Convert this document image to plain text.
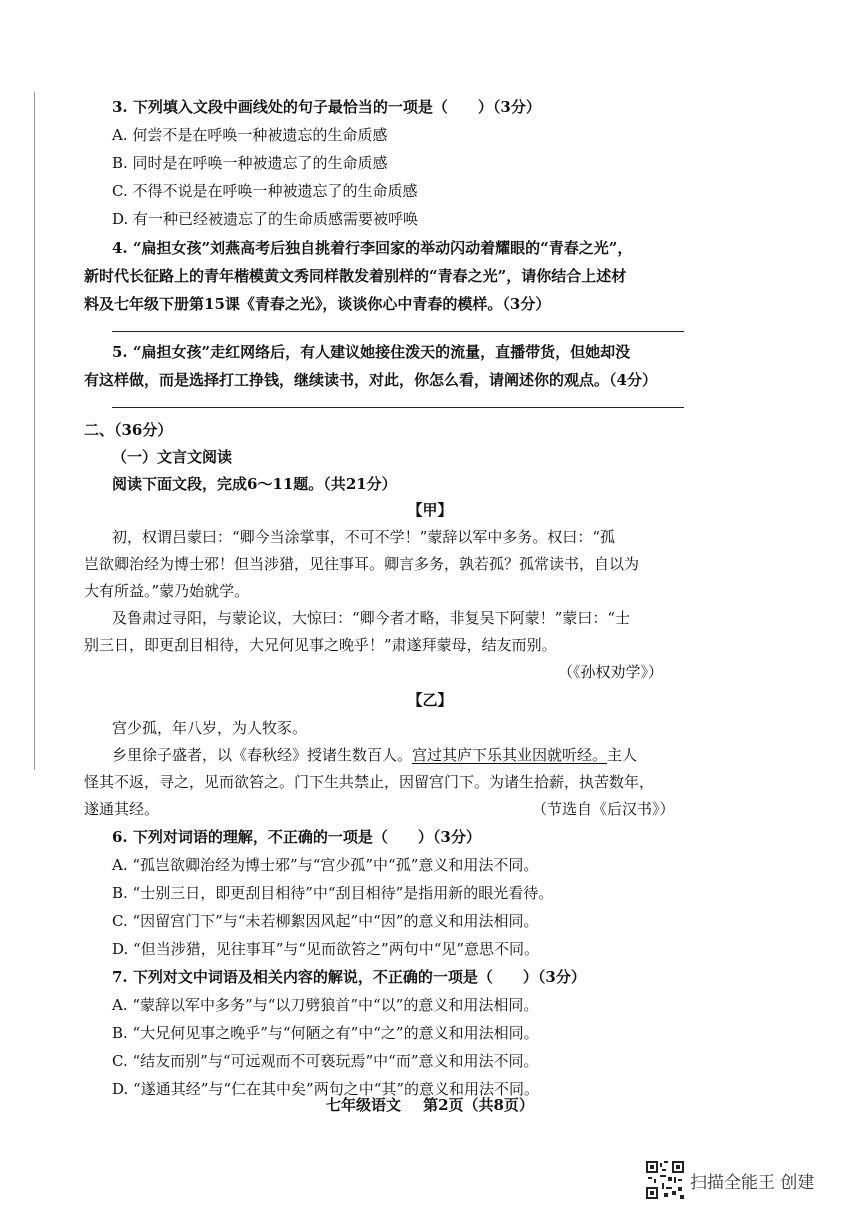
3. 下列填入文段中画线处的句子最恰当的一项是（　　）（3分）
A. 何尝不是在呼唤一种被遗忘的生命质感
B. 同时是在呼唤一种被遗忘了的生命质感
C. 不得不说是在呼唤一种被遗忘了的生命质感
D. 有一种已经被遗忘了的生命质感需要被呼唤
4. “扁担女孩”刘燕高考后独自挑着行李回家的举动闪动着耀眼的“青春之光”，
新时代长征路上的青年楷模黄文秀同样散发着别样的“青春之光”，请你结合上述材
料及七年级下册第15课《青春之光》，谈谈你心中青春的模样。（3分）
5. “扁担女孩”走红网络后，有人建议她接住泼天的流量，直播带货，但她却没
有这样做，而是选择打工挣钱，继续读书，对此，你怎么看，请阐述你的观点。（4分）
二、（36分）
（一）文言文阅读
阅读下面文段，完成6～11题。（共21分）
【甲】
初，权谓吕蒙曰：“卿今当涂掌事，不可不学！”蒙辞以军中多务。权曰：“孤
岂欲卿治经为博士邪！但当涉猎，见往事耳。卿言多务，孰若孤？孤常读书，自以为
大有所益。”蒙乃始就学。
及鲁肃过寻阳，与蒙论议，大惊曰：“卿今者才略，非复吴下阿蒙！”蒙曰：“士
别三日，即更刮目相待，大兄何见事之晚乎！”肃遂拜蒙母，结友而别。
（《孙权劝学》）
【乙】
宫少孤，年八岁，为人牧豕。
乡里徐子盛者，以《春秋经》授诸生数百人。宫过其庐下乐其业因就听经。主人
怪其不返，寻之，见而欲笞之。门下生共禁止，因留宫门下。为诸生拾薪，执苦数年，
遂通其经。	（节选自《后汉书》）
6. 下列对词语的理解，不正确的一项是（　　）（3分）
A. “孤岂欲卿治经为博士邪”与“宫少孤”中“孤”意义和用法不同。
B. “士别三日，即更刮目相待”中“刮目相待”是指用新的眼光看待。
C. “因留宫门下”与“未若柳絮因风起”中“因”的意义和用法相同。
D. “但当涉猎，见往事耳”与“见而欲笞之”两句中“见”意思不同。
7. 下列对文中词语及相关内容的解说，不正确的一项是（　　）（3分）
A. “蒙辞以军中多务”与“以刀劈狼首”中“以”的意义和用法相同。
B. “大兄何见事之晚乎”与“何陋之有”中“之”的意义和用法相同。
C. “结友而别”与“可远观而不可亵玩焉”中“而”意义和用法不同。
D. “遂通其经”与“仁在其中矣”两句之中“其”的意义和用法不同。
七年级语文 第2页（共8页）
扫描全能王 创建
